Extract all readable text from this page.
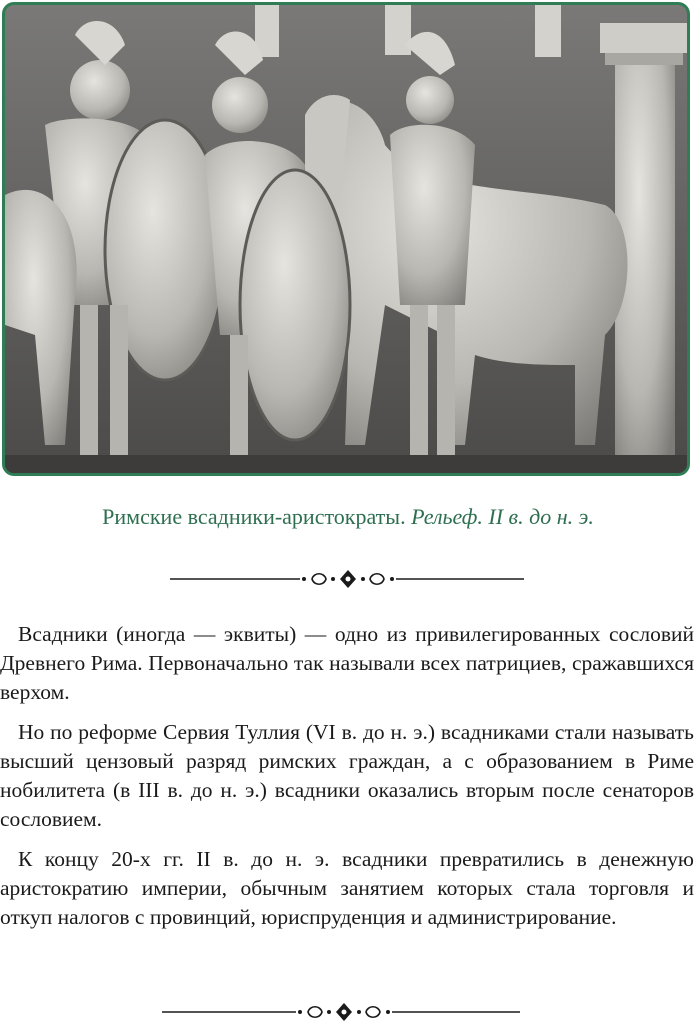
Римские всадники-аристократы. Рельеф. II в. до н. э.

Всадники (иногда — эквиты) — одно из привилегированных сословий Древнего Рима. Первоначально так называли всех патрициев, сражавшихся верхом.

Но по реформе Сервия Туллия (VI в. до н. э.) всадниками стали называть высший цензовый разряд римских граждан, а с образованием в Риме нобилитета (в III в. до н. э.) всадники оказались вторым после сенаторов сословием.

К концу 20-х гг. II в. до н. э. всадники превратились в денежную аристократию империи, обычным занятием которых стала торговля и откуп налогов с провинций, юриспруденция и администрирование.
